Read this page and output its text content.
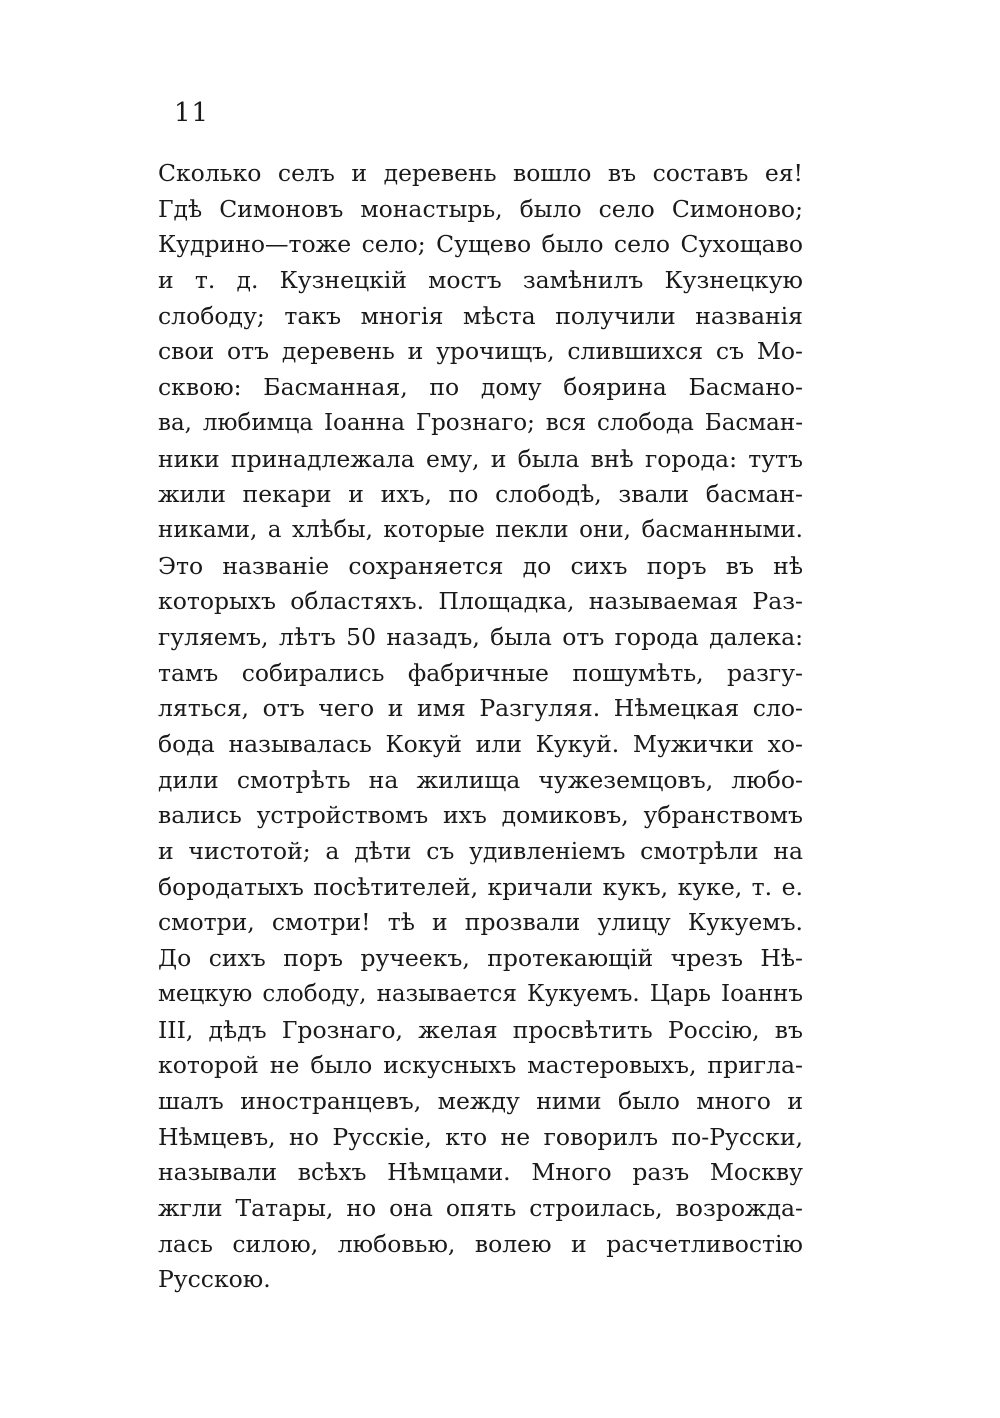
11
Сколько селъ и деревень вошло въ составъ ея!
Гдѣ Симоновъ монастырь, было село Симоново;
Кудрино—тоже село; Сущево было село Сухощаво
и т. д. Кузнецкій мостъ замѣнилъ Кузнецкую
слободу; такъ многія мѣста получили названія
свои отъ деревень и урочищъ, слившихся съ Мо-
сквою: Басманная, по дому боярина Басмано-
ва, любимца Іоанна Грознаго; вся слобода Басман-
ники принадлежала ему, и была внѣ города: тутъ
жили пекари и ихъ, по слободѣ, звали басман-
никами, а хлѣбы, которые пекли они, басманными.
Это названіе сохраняется до сихъ поръ въ нѣ
которыхъ областяхъ. Площадка, называемая Раз-
гуляемъ, лѣтъ 50 назадъ, была отъ города далека:
тамъ собирались фабричные пошумѣть, разгу-
ляться, отъ чего и имя Разгуляя. Нѣмецкая сло-
бода называлась Кокуй или Кукуй. Мужички хо-
дили смотрѣть на жилища чужеземцовъ, любо-
вались устройствомъ ихъ домиковъ, убранствомъ
и чистотой; а дѣти съ удивленіемъ смотрѣли на
бородатыхъ посѣтителей, кричали кукъ, куке, т. е.
смотри, смотри! тѣ и прозвали улицу Кукуемъ.
До сихъ поръ ручеекъ, протекающій чрезъ Нѣ-
мецкую слободу, называется Кукуемъ. Царь Іоаннъ
III, дѣдъ Грознаго, желая просвѣтить Россію, въ
которой не было искусныхъ мастеровыхъ, пригла-
шалъ иностранцевъ, между ними было много и
Нѣмцевъ, но Русскіе, кто не говорилъ по-Русски,
называли всѣхъ Нѣмцами. Много разъ Москву
жгли Татары, но она опять строилась, возрожда-
лась силою, любовью, волею и расчетливостію
Русскою.
